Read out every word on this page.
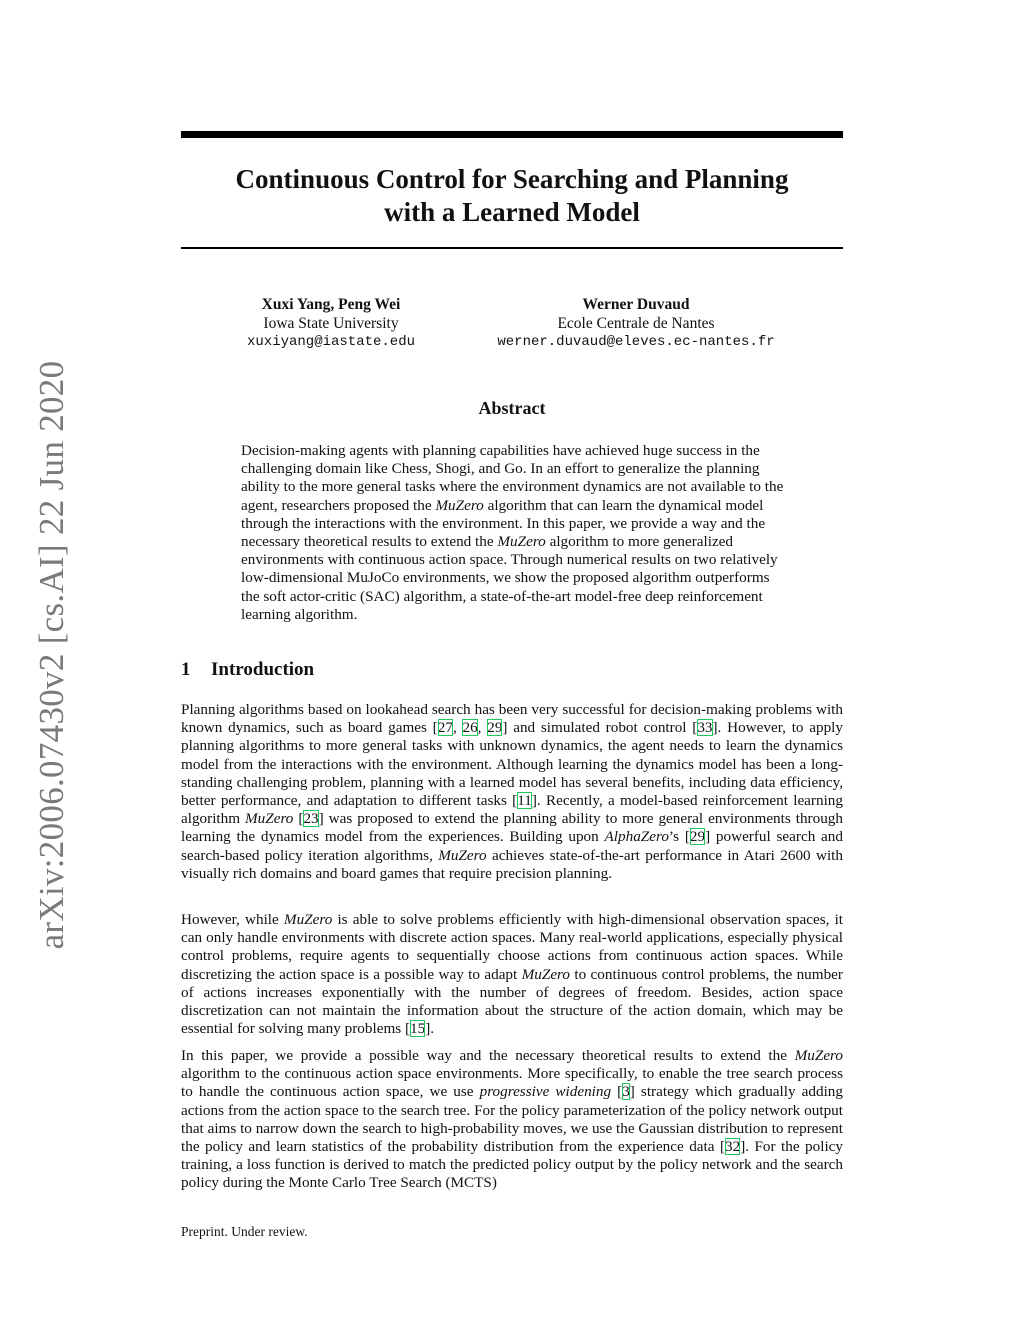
arXiv:2006.07430v2 [cs.AI] 22 Jun 2020
Continuous Control for Searching and Planning
with a Learned Model
Xuxi Yang, Peng Wei
Iowa State University
xuxiyang@iastate.edu
Werner Duvaud
Ecole Centrale de Nantes
werner.duvaud@eleves.ec-nantes.fr
Abstract

Decision-making agents with planning capabilities have achieved huge success in the challenging domain like Chess, Shogi, and Go. In an effort to generalize the planning ability to the more general tasks where the environment dynamics are not available to the agent, researchers proposed the MuZero algorithm that can learn the dynamical model through the interactions with the environment. In this paper, we provide a way and the necessary theoretical results to extend the MuZero algorithm to more generalized environments with continuous action space. Through numerical results on two relatively low-dimensional MuJoCo environments, we show the proposed algorithm outperforms the soft actor-critic (SAC) algorithm, a state-of-the-art model-free deep reinforcement learning algorithm.

1 Introduction

Planning algorithms based on lookahead search has been very successful for decision-making problems with known dynamics, such as board games [27, 26, 29] and simulated robot control [33]. However, to apply planning algorithms to more general tasks with unknown dynamics, the agent needs to learn the dynamics model from the interactions with the environment. Although learning the dynamics model has been a long-standing challenging problem, planning with a learned model has several benefits, including data efficiency, better performance, and adaptation to different tasks [11]. Recently, a model-based reinforcement learning algorithm MuZero [23] was proposed to extend the planning ability to more general environments through learning the dynamics model from the experiences. Building upon AlphaZero’s [29] powerful search and search-based policy iteration algorithms, MuZero achieves state-of-the-art performance in Atari 2600 with visually rich domains and board games that require precision planning.

However, while MuZero is able to solve problems efficiently with high-dimensional observation spaces, it can only handle environments with discrete action spaces. Many real-world applications, especially physical control problems, require agents to sequentially choose actions from continuous action spaces. While discretizing the action space is a possible way to adapt MuZero to continuous control problems, the number of actions increases exponentially with the number of degrees of freedom. Besides, action space discretization can not maintain the information about the structure of the action domain, which may be essential for solving many problems [15].

In this paper, we provide a possible way and the necessary theoretical results to extend the MuZero algorithm to the continuous action space environments. More specifically, to enable the tree search process to handle the continuous action space, we use progressive widening [3] strategy which gradually adding actions from the action space to the search tree. For the policy parameterization of the policy network output that aims to narrow down the search to high-probability moves, we use the Gaussian distribution to represent the policy and learn statistics of the probability distribution from the experience data [32]. For the policy training, a loss function is derived to match the predicted policy output by the policy network and the search policy during the Monte Carlo Tree Search (MCTS)

Preprint. Under review.
